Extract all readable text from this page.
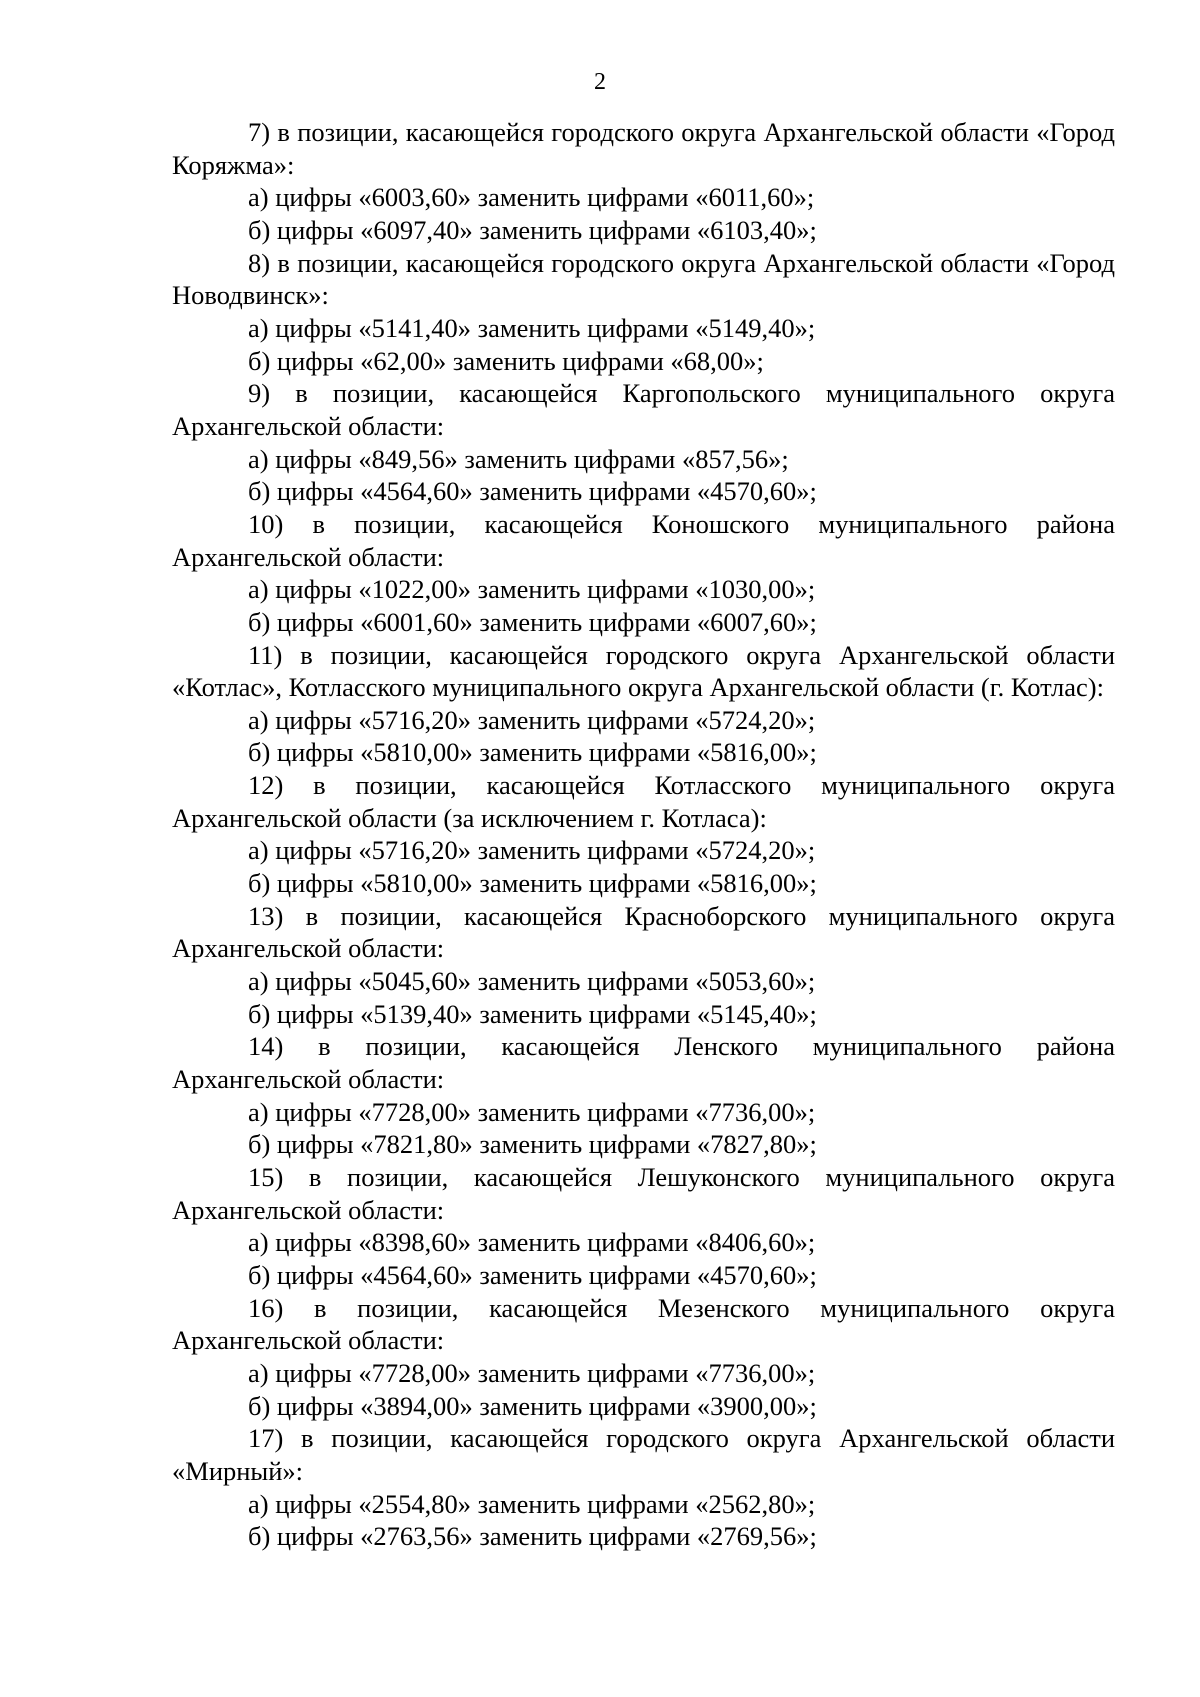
2

7) в позиции, касающейся городского округа Архангельской области «Город Коряжма»:

а) цифры «6003,60» заменить цифрами «6011,60»;

б) цифры «6097,40» заменить цифрами «6103,40»;

8) в позиции, касающейся городского округа Архангельской области «Город Новодвинск»:

а) цифры «5141,40» заменить цифрами «5149,40»;

б) цифры «62,00» заменить цифрами «68,00»;

9) в позиции, касающейся Каргопольского муниципального округа Архангельской области:

а) цифры «849,56» заменить цифрами «857,56»;

б) цифры «4564,60» заменить цифрами «4570,60»;

10) в позиции, касающейся Коношского муниципального района Архангельской области:

а) цифры «1022,00» заменить цифрами «1030,00»;

б) цифры «6001,60» заменить цифрами «6007,60»;

11) в позиции, касающейся городского округа Архангельской области «Котлас», Котласского муниципального округа Архангельской области (г. Котлас):

а) цифры «5716,20» заменить цифрами «5724,20»;

б) цифры «5810,00» заменить цифрами «5816,00»;

12) в позиции, касающейся Котласского муниципального округа Архангельской области (за исключением г. Котласа):

а) цифры «5716,20» заменить цифрами «5724,20»;

б) цифры «5810,00» заменить цифрами «5816,00»;

13) в позиции, касающейся Красноборского муниципального округа Архангельской области:

а) цифры «5045,60» заменить цифрами «5053,60»;

б) цифры «5139,40» заменить цифрами «5145,40»;

14) в позиции, касающейся Ленского муниципального района Архангельской области:

а) цифры «7728,00» заменить цифрами «7736,00»;

б) цифры «7821,80» заменить цифрами «7827,80»;

15) в позиции, касающейся Лешуконского муниципального округа Архангельской области:

а) цифры «8398,60» заменить цифрами «8406,60»;

б) цифры «4564,60» заменить цифрами «4570,60»;

16) в позиции, касающейся Мезенского муниципального округа Архангельской области:

а) цифры «7728,00» заменить цифрами «7736,00»;

б) цифры «3894,00» заменить цифрами «3900,00»;

17) в позиции, касающейся городского округа Архангельской области «Мирный»:

а) цифры «2554,80» заменить цифрами «2562,80»;

б) цифры «2763,56» заменить цифрами «2769,56»;
